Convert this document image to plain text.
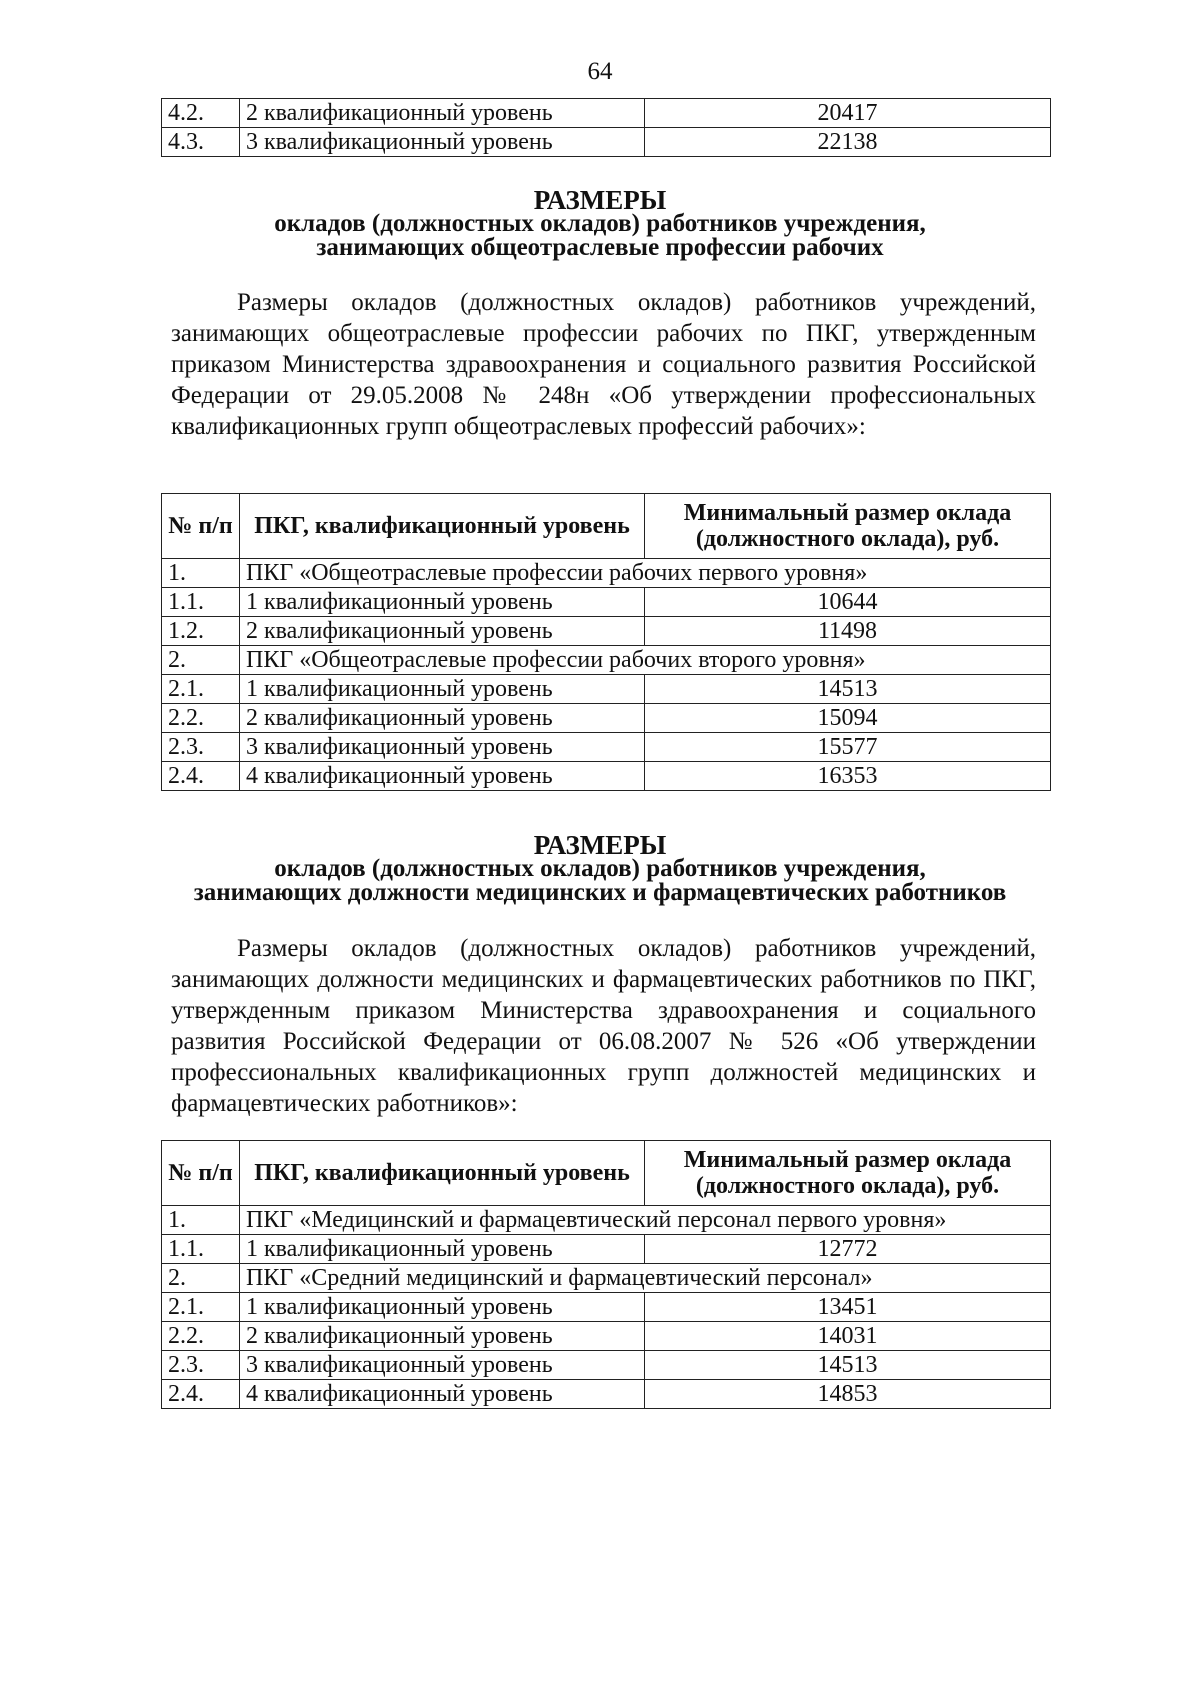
64
4.2.	2 квалификационный уровень	20417
4.3.	3 квалификационный уровень	22138
РАЗМЕРЫ
окладов (должностных окладов) работников учреждения,
занимающих общеотраслевые профессии рабочих
Размеры окладов (должностных окладов) работников учреждений, занимающих общеотраслевые профессии рабочих по ПКГ, утвержденным приказом Министерства здравоохранения и социального развития Российской Федерации от 29.05.2008 № 248н «Об утверждении профессиональных квалификационных групп общеотраслевых профессий рабочих»:
№ п/п	ПКГ, квалификационный уровень	Минимальный размер оклада (должностного оклада), руб.
1.	ПКГ «Общеотраслевые профессии рабочих первого уровня»	
1.1.	1 квалификационный уровень	10644
1.2.	2 квалификационный уровень	11498
2.	ПКГ «Общеотраслевые профессии рабочих второго уровня»	
2.1.	1 квалификационный уровень	14513
2.2.	2 квалификационный уровень	15094
2.3.	3 квалификационный уровень	15577
2.4.	4 квалификационный уровень	16353
РАЗМЕРЫ
окладов (должностных окладов) работников учреждения,
занимающих должности медицинских и фармацевтических работников
Размеры окладов (должностных окладов) работников учреждений, занимающих должности медицинских и фармацевтических работников по ПКГ, утвержденным приказом Министерства здравоохранения и социального развития Российской Федерации от 06.08.2007 № 526 «Об утверждении профессиональных квалификационных групп должностей медицинских и фармацевтических работников»:
№ п/п	ПКГ, квалификационный уровень	Минимальный размер оклада (должностного оклада), руб.
1.	ПКГ «Медицинский и фармацевтический персонал первого уровня»	
1.1.	1 квалификационный уровень	12772
2.	ПКГ «Средний медицинский и фармацевтический персонал»	
2.1.	1 квалификационный уровень	13451
2.2.	2 квалификационный уровень	14031
2.3.	3 квалификационный уровень	14513
2.4.	4 квалификационный уровень	14853
